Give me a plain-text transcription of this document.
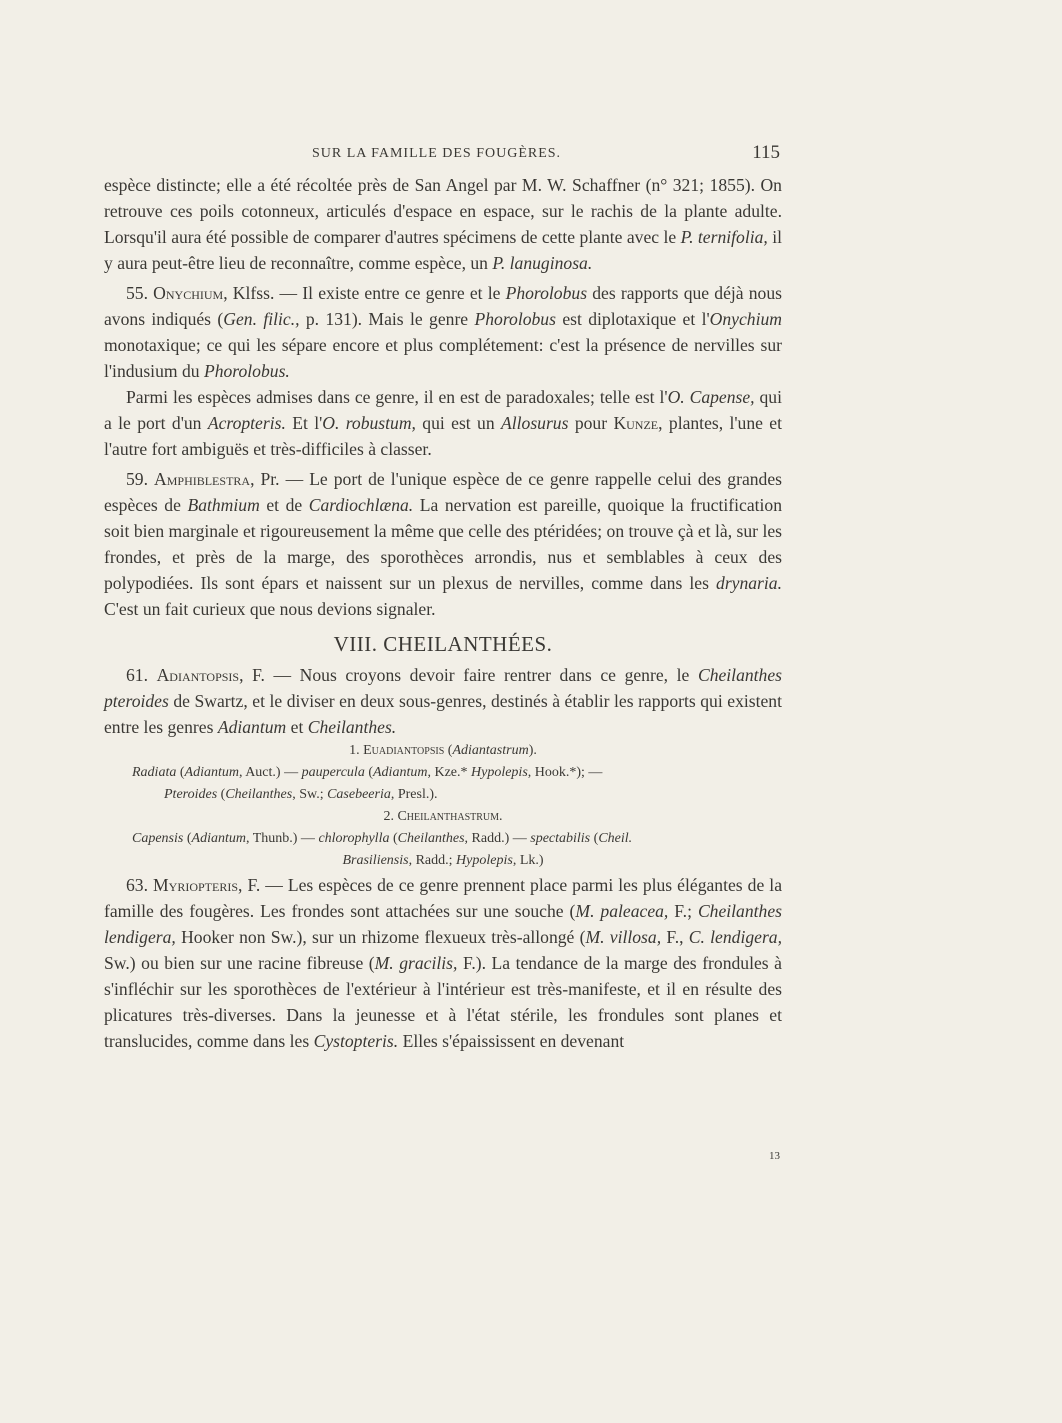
SUR LA FAMILLE DES FOUGÈRES.	115

espèce distincte; elle a été récoltée près de San Angel par M. W. Schaffner (n° 321; 1855). On retrouve ces poils cotonneux, articulés d'espace en espace, sur le rachis de la plante adulte. Lorsqu'il aura été possible de comparer d'autres spécimens de cette plante avec le P. ternifolia, il y aura peut-être lieu de reconnaître, comme espèce, un P. lanuginosa.

55. Onychium, Klfss. — Il existe entre ce genre et le Phorolobus des rapports que déjà nous avons indiqués (Gen. filic., p. 131). Mais le genre Phorolobus est diplotaxique et l'Onychium monotaxique; ce qui les sépare encore et plus complétement: c'est la présence de nervilles sur l'indusium du Phorolobus.

Parmi les espèces admises dans ce genre, il en est de paradoxales; telle est l'O. Capense, qui a le port d'un Acropteris. Et l'O. robustum, qui est un Allosurus pour Kunze, plantes, l'une et l'autre fort ambiguës et très-difficiles à classer.

59. Amphiblestra, Pr. — Le port de l'unique espèce de ce genre rappelle celui des grandes espèces de Bathmium et de Cardiochlæna. La nervation est pareille, quoique la fructification soit bien marginale et rigoureusement la même que celle des ptéridées; on trouve çà et là, sur les frondes, et près de la marge, des sporothèces arrondis, nus et semblables à ceux des polypodiées. Ils sont épars et naissent sur un plexus de nervilles, comme dans les drynaria. C'est un fait curieux que nous devions signaler.

VIII. CHEILANTHÉES.

61. Adiantopsis, F. — Nous croyons devoir faire rentrer dans ce genre, le Cheilanthes pteroides de Swartz, et le diviser en deux sous-genres, destinés à établir les rapports qui existent entre les genres Adiantum et Cheilanthes.

1. Euadiantopsis (Adiantastrum).

Radiata (Adiantum, Auct.) — paupercula (Adiantum, Kze.* Hypolepis, Hook.*); —

Pteroides (Cheilanthes, Sw.; Casebeeria, Presl.).

2. Cheilanthastrum.

Capensis (Adiantum, Thunb.) — chlorophylla (Cheilanthes, Radd.) — spectabilis (Cheil.

Brasiliensis, Radd.; Hypolepis, Lk.)

63. Myriopteris, F. — Les espèces de ce genre prennent place parmi les plus élégantes de la famille des fougères. Les frondes sont attachées sur une souche (M. paleacea, F.; Cheilanthes lendigera, Hooker non Sw.), sur un rhizome flexueux très-allongé (M. villosa, F., C. lendigera, Sw.) ou bien sur une racine fibreuse (M. gracilis, F.). La tendance de la marge des frondules à s'infléchir sur les sporothèces de l'extérieur à l'intérieur est très-manifeste, et il en résulte des plicatures très-diverses. Dans la jeunesse et à l'état stérile, les frondules sont planes et translucides, comme dans les Cystopteris. Elles s'épaississent en devenant

13
